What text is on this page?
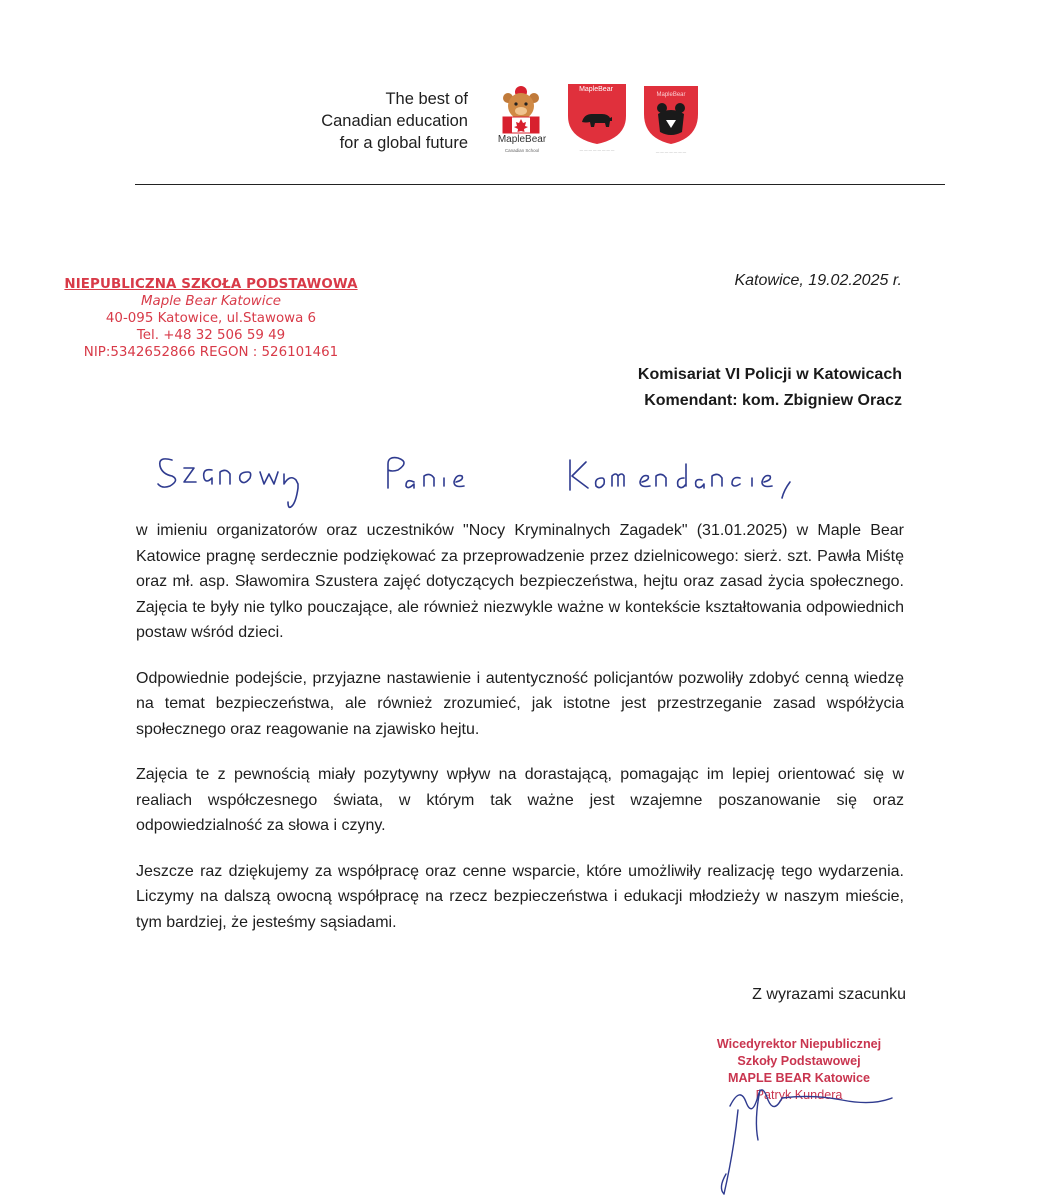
The best of
Canadian education
for a global future	MapleBear
Canadian School
MapleBear
— — — — — — — —
MapleBear
— — — — — — —
NIEPUBLICZNA SZKOŁA PODSTAWOWA
Maple Bear Katowice
40-095 Katowice, ul.Stawowa 6
Tel. +48 32 506 59 49
NIP:5342652866 REGON : 526101461
Katowice, 19.02.2025 r.
Komisariat VI Policji w Katowicach
Komendant: kom. Zbigniew Oracz

w imieniu organizatorów oraz uczestników "Nocy Kryminalnych Zagadek" (31.01.2025) w Maple Bear Katowice pragnę serdecznie podziękować za przeprowadzenie przez dzielnicowego: sierż. szt. Pawła Miśtę oraz mł. asp. Sławomira Szustera zajęć dotyczących bezpieczeństwa, hejtu oraz zasad życia społecznego. Zajęcia te były nie tylko pouczające, ale również niezwykle ważne w kontekście kształtowania odpowiednich postaw wśród dzieci.

Odpowiednie podejście, przyjazne nastawienie i autentyczność policjantów pozwoliły zdobyć cenną wiedzę na temat bezpieczeństwa, ale również zrozumieć, jak istotne jest przestrzeganie zasad współżycia społecznego oraz reagowanie na zjawisko hejtu.

Zajęcia te z pewnością miały pozytywny wpływ na dorastającą, pomagając im lepiej orientować się w realiach współczesnego świata, w którym tak ważne jest wzajemne poszanowanie się oraz odpowiedzialność za słowa i czyny.

Jeszcze raz dziękujemy za współpracę oraz cenne wsparcie, które umożliwiły realizację tego wydarzenia. Liczymy na dalszą owocną współpracę na rzecz bezpieczeństwa i edukacji młodzieży w naszym mieście, tym bardziej, że jesteśmy sąsiadami.

Z wyrazami szacunku
Wicedyrektor Niepublicznej
Szkoły Podstawowej
MAPLE BEAR Katowice
Patryk Kundera
